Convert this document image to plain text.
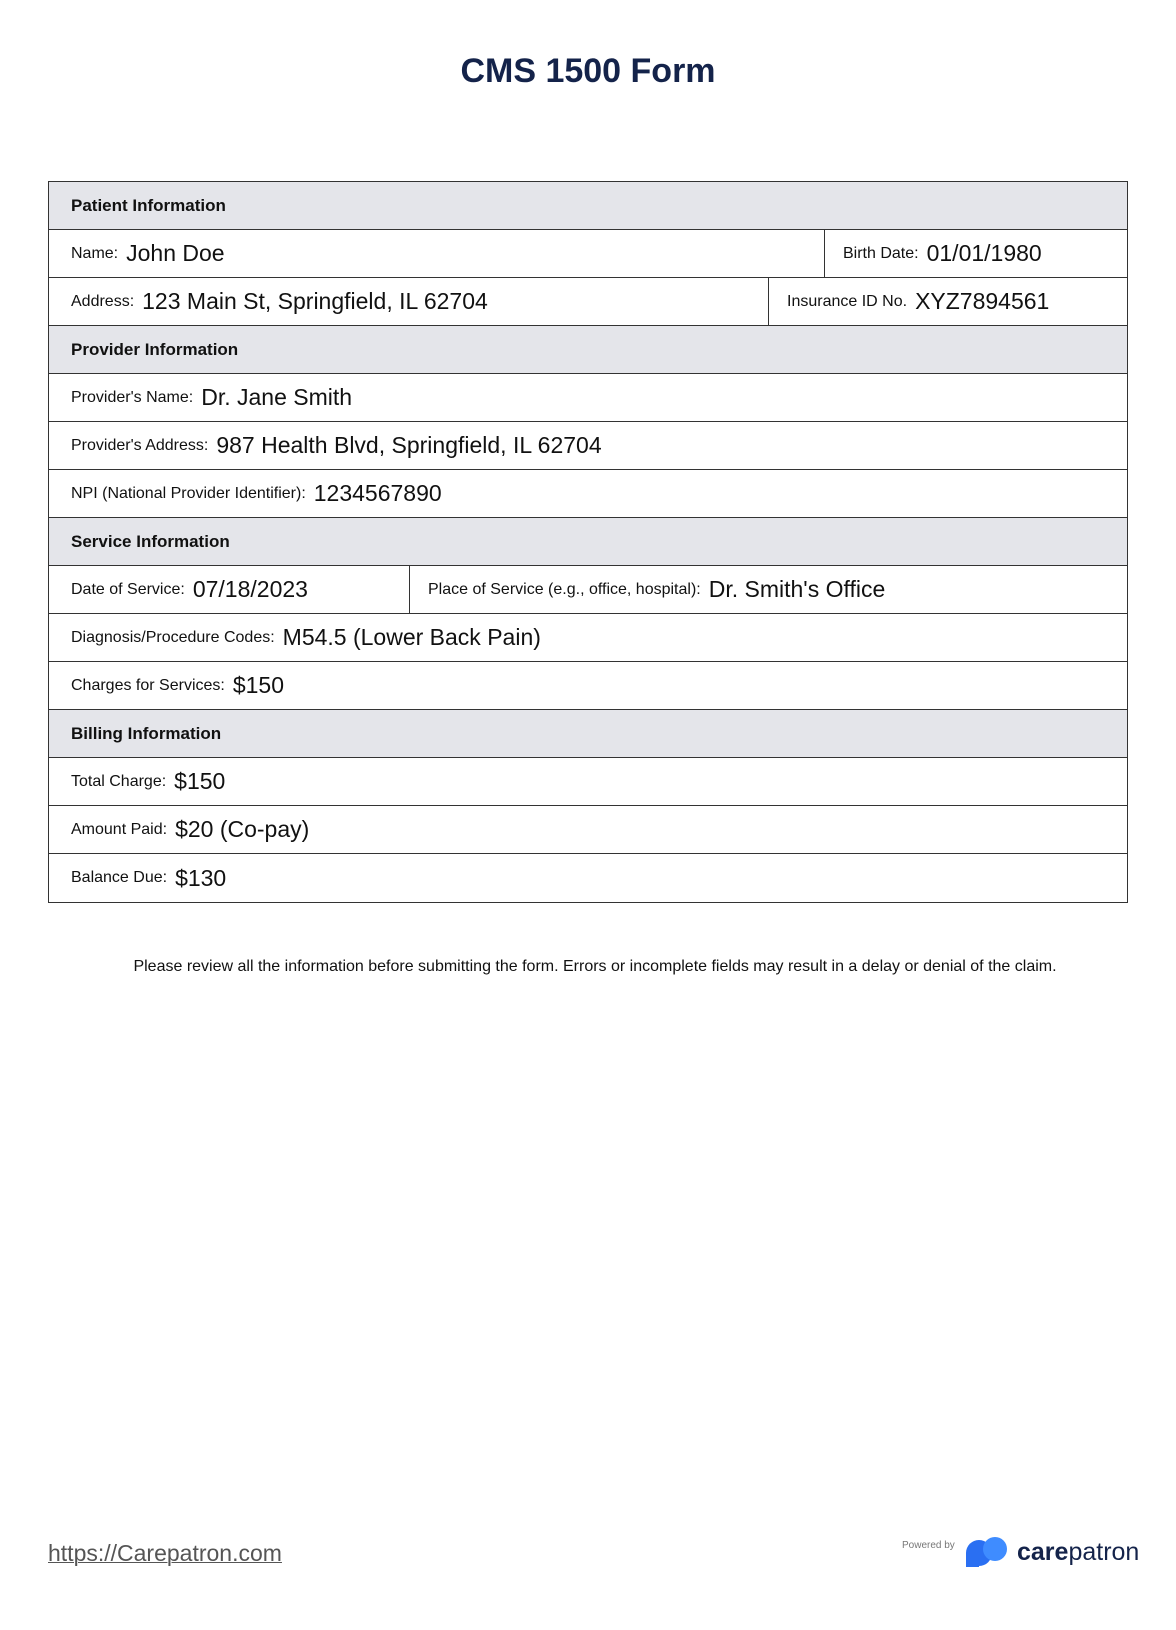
CMS 1500 Form
Patient Information
Name: John Doe	Birth Date: 01/01/1980
Address: 123 Main St, Springfield, IL 62704	Insurance ID No. XYZ7894561
Provider Information
Provider's Name: Dr. Jane Smith
Provider's Address: 987 Health Blvd, Springfield, IL 62704
NPI (National Provider Identifier): 1234567890
Service Information
Date of Service: 07/18/2023	Place of Service (e.g., office, hospital): Dr. Smith's Office
Diagnosis/Procedure Codes: M54.5 (Lower Back Pain)
Charges for Services: $150
Billing Information
Total Charge: $150
Amount Paid: $20 (Co-pay)
Balance Due: $130

Please review all the information before submitting the form. Errors or incomplete fields may result in a delay or denial of the claim.

https://Carepatron.com	Powered by carepatron
